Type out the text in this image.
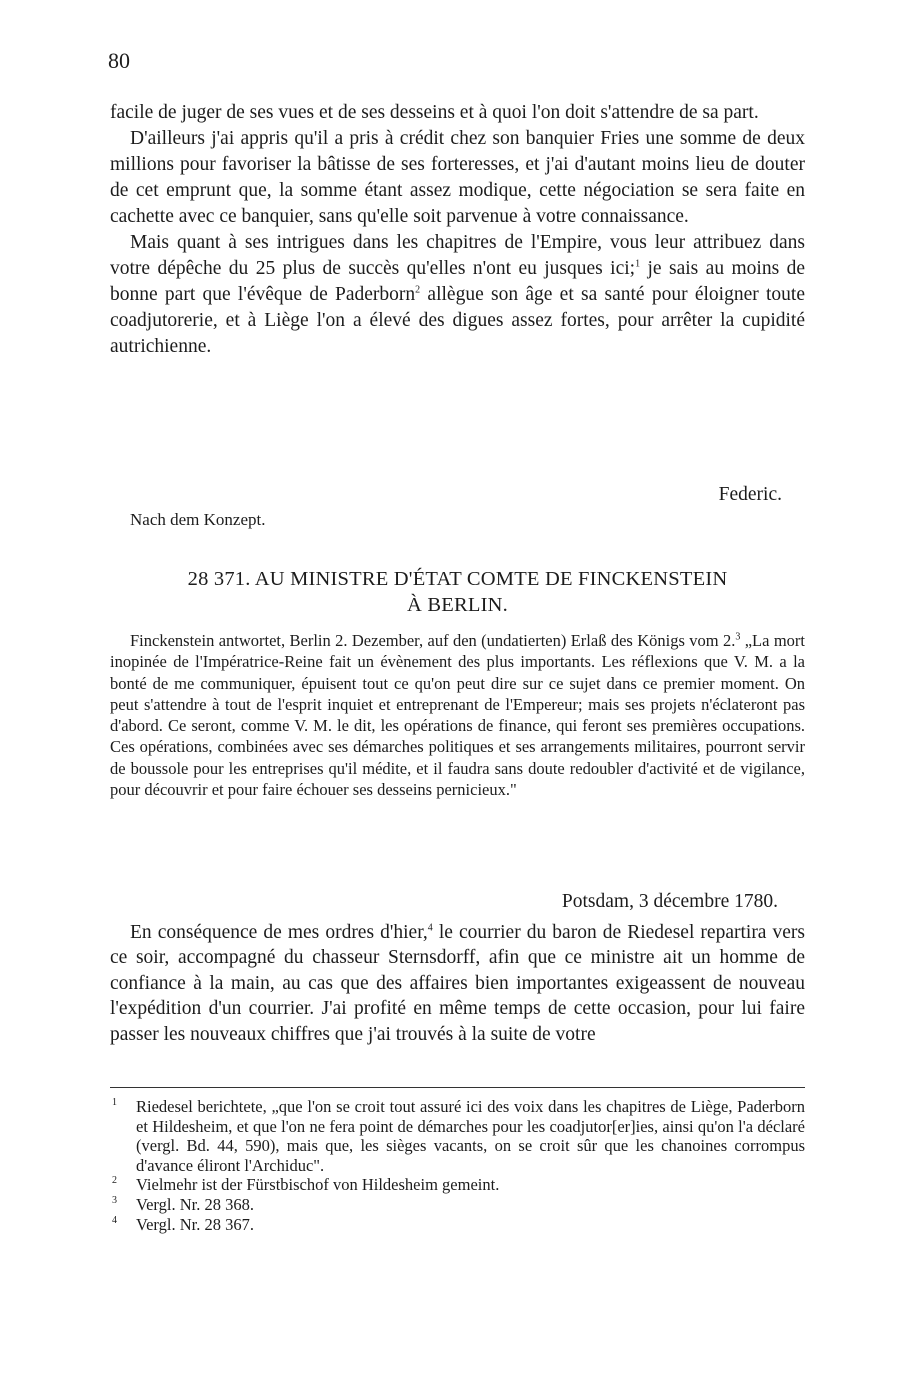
80

facile de juger de ses vues et de ses desseins et à quoi l'on doit s'attendre de sa part.

D'ailleurs j'ai appris qu'il a pris à crédit chez son banquier Fries une somme de deux millions pour favoriser la bâtisse de ses forteresses, et j'ai d'autant moins lieu de douter de cet emprunt que, la somme étant assez modique, cette négociation se sera faite en cachette avec ce banquier, sans qu'elle soit parvenue à votre connaissance.

Mais quant à ses intrigues dans les chapitres de l'Empire, vous leur attribuez dans votre dépêche du 25 plus de succès qu'elles n'ont eu jusques ici;$^1$ je sais au moins de bonne part que l'évêque de Paderborn$^2$ allègue son âge et sa santé pour éloigner toute coadjutorerie, et à Liège l'on a élevé des digues assez fortes, pour arrêter la cupidité autrichienne.

Federic.
Nach dem Konzept.
28 371. AU MINISTRE D'ÉTAT COMTE DE FINCKENSTEIN
À BERLIN.

Finckenstein antwortet, Berlin 2. Dezember, auf den (undatierten) Erlaß des Königs vom 2.$^3$ „La mort inopinée de l'Impératrice-Reine fait un évènement des plus importants. Les réflexions que V. M. a la bonté de me communiquer, épuisent tout ce qu'on peut dire sur ce sujet dans ce premier moment. On peut s'attendre à tout de l'esprit inquiet et entreprenant de l'Empereur; mais ses projets n'éclateront pas d'abord. Ce seront, comme V. M. le dit, les opérations de finance, qui feront ses premières occupations. Ces opérations, combinées avec ses démarches politiques et ses arrangements militaires, pourront servir de boussole pour les entreprises qu'il médite, et il faudra sans doute redoubler d'activité et de vigilance, pour découvrir et pour faire échouer ses desseins pernicieux."

Potsdam, 3 décembre 1780.

En conséquence de mes ordres d'hier,$^4$ le courrier du baron de Riedesel repartira vers ce soir, accompagné du chasseur Sternsdorff, afin que ce ministre ait un homme de confiance à la main, au cas que des affaires bien importantes exigeassent de nouveau l'expédition d'un courrier. J'ai profité en même temps de cette occasion, pour lui faire passer les nouveaux chiffres que j'ai trouvés à la suite de votre

1	Riedesel berichtete, „que l'on se croit tout assuré ici des voix dans les chapitres de Liège, Paderborn et Hildesheim, et que l'on ne fera point de démarches pour les coadjutor[er]ies, ainsi qu'on l'a déclaré (vergl. Bd. 44, 590), mais que, les sièges vacants, on se croit sûr que les chanoines corrompus d'avance éliront l'Archiduc".
2	Vielmehr ist der Fürstbischof von Hildesheim gemeint.
3	Vergl. Nr. 28 368.
4	Vergl. Nr. 28 367.
